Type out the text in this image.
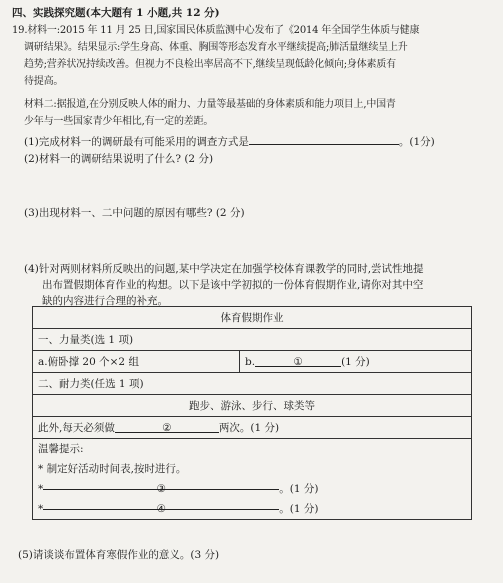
四、实践探究题(本大题有 1 小题,共 12 分)
19.材料一:2015 年 11 月 25 日,国家国民体质监测中心发布了《2014 年全国学生体质与健康
调研结果》。结果显示:学生身高、体重、胸围等形态发育水平继续提高;肺活量继续呈上升
趋势;营养状况持续改善。但视力不良检出率居高不下,继续呈现低龄化倾向;身体素质有
待提高。
材料二:据报道,在分别反映人体的耐力、力量等最基础的身体素质和能力项目上,中国青
少年与一些国家青少年相比,有一定的差距。
(1)完成材料一的调研最有可能采用的调查方式是	。(1分)
(2)材料一的调研结果说明了什么? (2 分)
(3)出现材料一、二中问题的原因有哪些? (2 分)
(4)针对两则材料所反映出的问题,某中学决定在加强学校体育课教学的同时,尝试性地提
出布置假期体育作业的构想。以下是该中学初拟的一份体育假期作业,请你对其中空
缺的内容进行合理的补充。
体育假期作业
一、力量类(选 1 项)
a.俯卧撑 20 个×2 组	b.	①	(1 分)
二、耐力类(任选 1 项)
跑步、游泳、步行、球类等
此外,每天必须做	②	两次。(1 分)

温馨提示:
* 制定好活动时间表,按时进行。
*	③	。(1 分)
*	④	。(1 分)
(5)请谈谈布置体育寒假作业的意义。(3 分)
